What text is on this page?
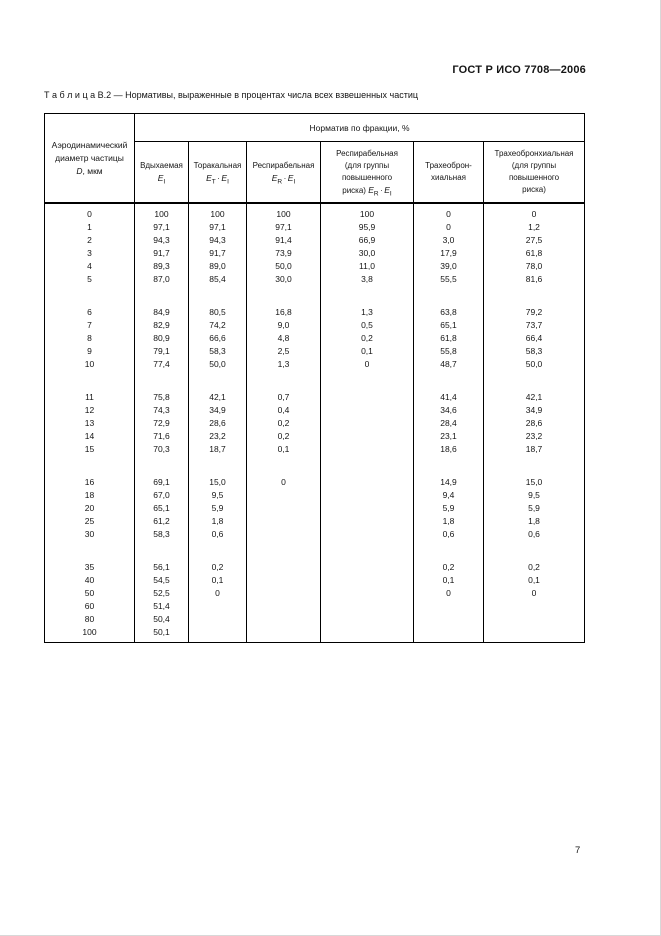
ГОСТ Р ИСО 7708—2006
Т а б л и ц а В.2 — Нормативы, выраженные в процентах числа всех взвешенных частиц
Аэродинамический
диаметр частицы
D, мкм	Норматив по фракции, %					

Вдыхаемая
$E_I$

Торакальная
$E_T \cdot E_I$

Респирабельная
$E_R \cdot E_I$

Респирабельная
(для группы
повышенного
риска) $E_R \cdot E_I$

Трахеоброн-
хиальная

Трахеобронхиальная
(для группы
повышенного
риска)

0	100	100	100	100	0	0
1	97,1	97,1	97,1	95,9	0	1,2
2	94,3	94,3	91,4	66,9	3,0	27,5
3	91,7	91,7	73,9	30,0	17,9	61,8
4	89,3	89,0	50,0	11,0	39,0	78,0
5	87,0	85,4	30,0	3,8	55,5	81,6

6	84,9	80,5	16,8	1,3	63,8	79,2
7	82,9	74,2	9,0	0,5	65,1	73,7
8	80,9	66,6	4,8	0,2	61,8	66,4
9	79,1	58,3	2,5	0,1	55,8	58,3
10	77,4	50,0	1,3	0	48,7	50,0

11	75,8	42,1	0,7		41,4	42,1
12	74,3	34,9	0,4		34,6	34,9
13	72,9	28,6	0,2		28,4	28,6
14	71,6	23,2	0,2		23,1	23,2
15	70,3	18,7	0,1		18,6	18,7

16	69,1	15,0	0		14,9	15,0
18	67,0	9,5			9,4	9,5
20	65,1	5,9			5,9	5,9
25	61,2	1,8			1,8	1,8
30	58,3	0,6			0,6	0,6

35	56,1	0,2			0,2	0,2
40	54,5	0,1			0,1	0,1
50	52,5	0			0	0
60	51,4					
80	50,4					
100	50,1					
7
